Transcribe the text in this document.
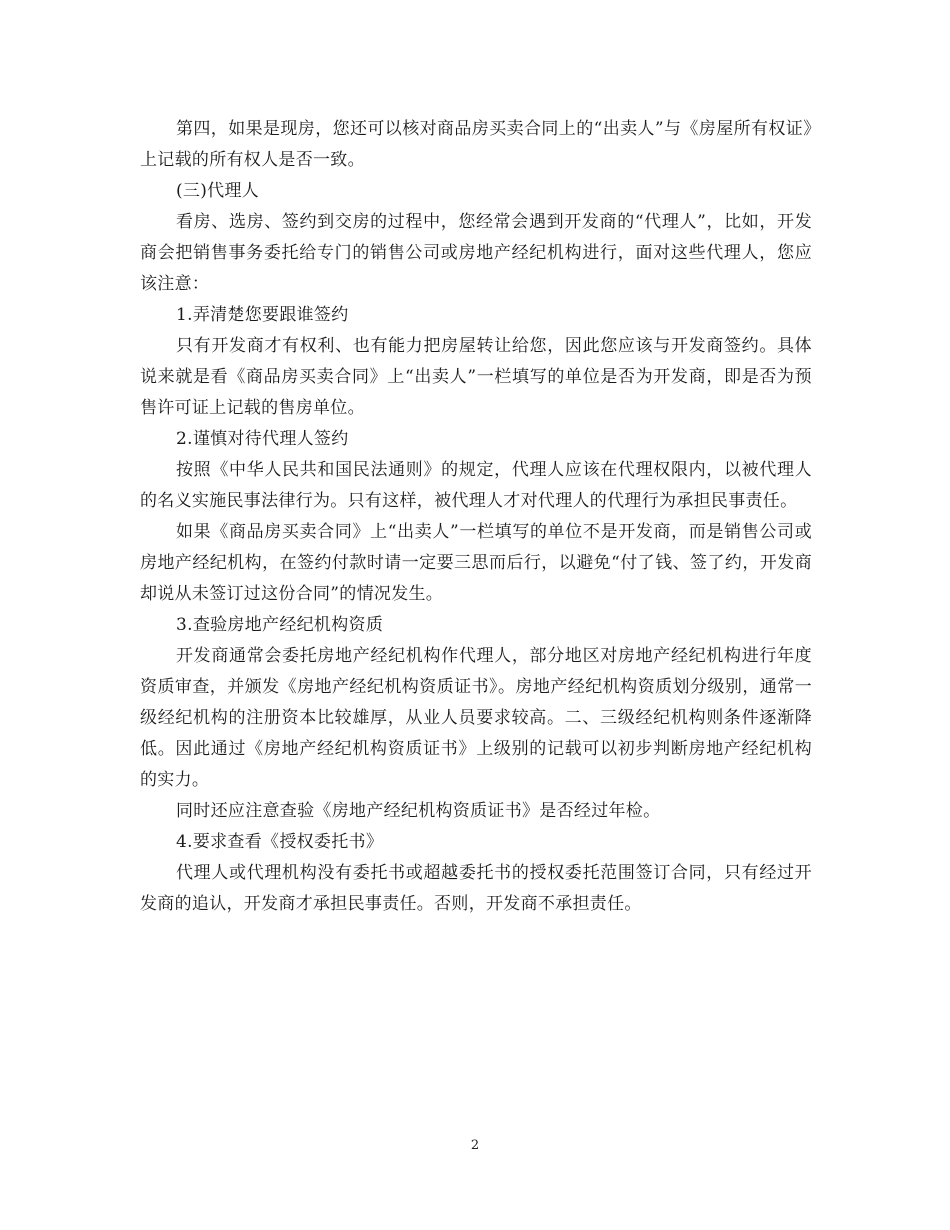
第四，如果是现房，您还可以核对商品房买卖合同上的“出卖人”与《房屋所有权证》上记载的所有权人是否一致。

(三)代理人

看房、选房、签约到交房的过程中，您经常会遇到开发商的“代理人”，比如，开发商会把销售事务委托给专门的销售公司或房地产经纪机构进行，面对这些代理人，您应该注意：

1.弄清楚您要跟谁签约

只有开发商才有权利、也有能力把房屋转让给您，因此您应该与开发商签约。具体说来就是看《商品房买卖合同》上“出卖人”一栏填写的单位是否为开发商，即是否为预售许可证上记载的售房单位。

2.谨慎对待代理人签约

按照《中华人民共和国民法通则》的规定，代理人应该在代理权限内，以被代理人的名义实施民事法律行为。只有这样，被代理人才对代理人的代理行为承担民事责任。

如果《商品房买卖合同》上“出卖人”一栏填写的单位不是开发商，而是销售公司或房地产经纪机构，在签约付款时请一定要三思而后行，以避免“付了钱、签了约，开发商却说从未签订过这份合同”的情况发生。

3.查验房地产经纪机构资质

开发商通常会委托房地产经纪机构作代理人，部分地区对房地产经纪机构进行年度资质审查，并颁发《房地产经纪机构资质证书》。房地产经纪机构资质划分级别，通常一级经纪机构的注册资本比较雄厚，从业人员要求较高。二、三级经纪机构则条件逐渐降低。因此通过《房地产经纪机构资质证书》上级别的记载可以初步判断房地产经纪机构的实力。

同时还应注意查验《房地产经纪机构资质证书》是否经过年检。

4.要求查看《授权委托书》

代理人或代理机构没有委托书或超越委托书的授权委托范围签订合同，只有经过开发商的追认，开发商才承担民事责任。否则，开发商不承担责任。

2
